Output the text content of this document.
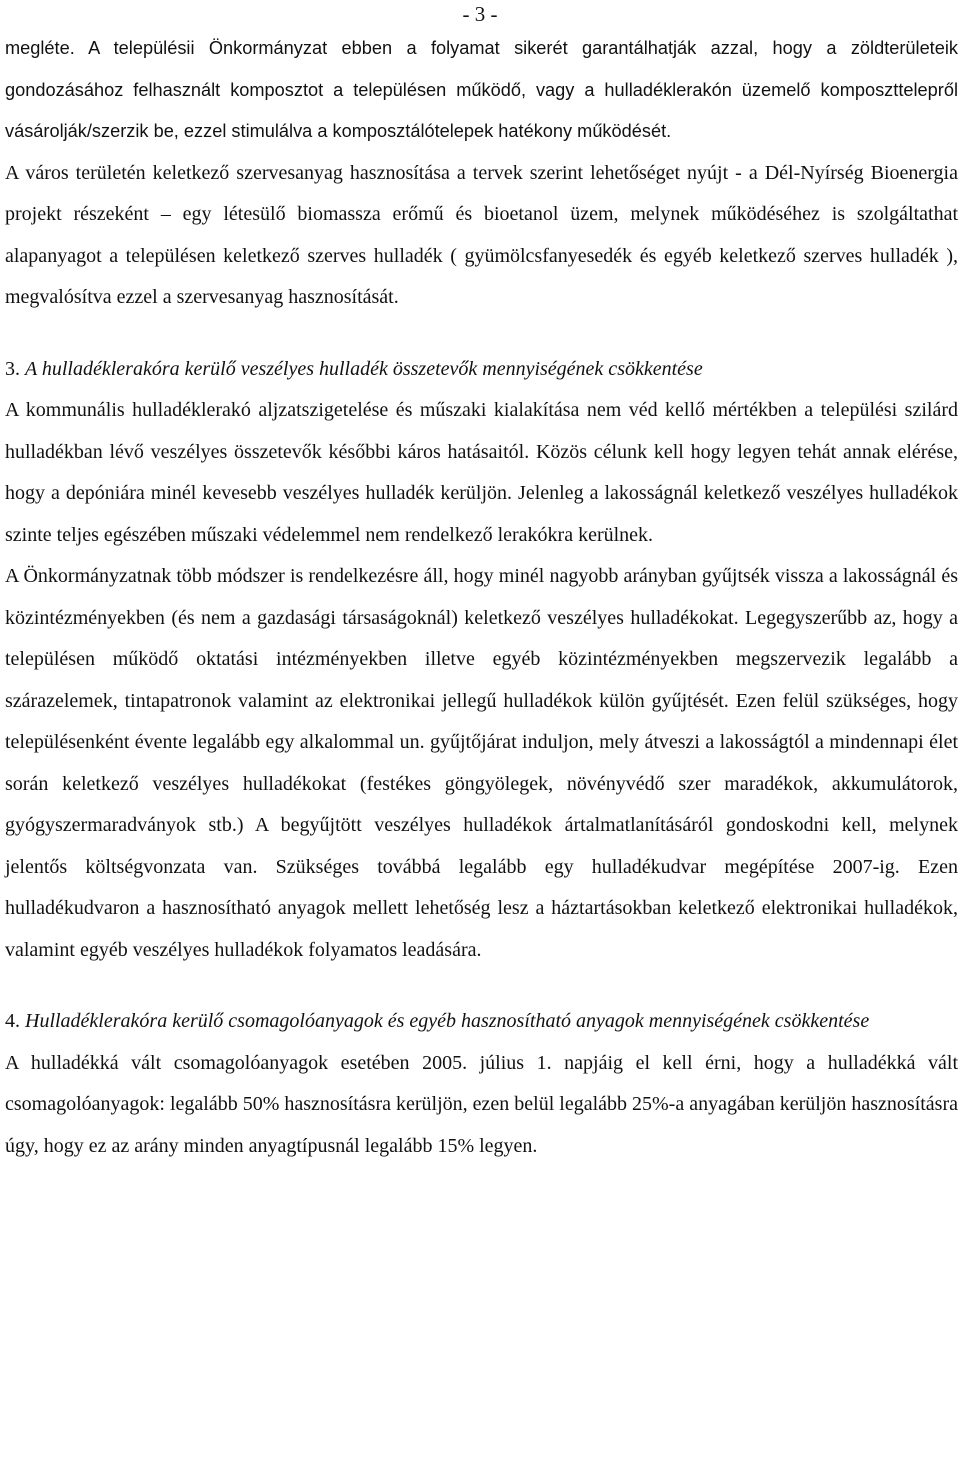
- 3 -

megléte. A településii Önkormányzat ebben a folyamat sikerét garantálhatják azzal, hogy a zöldterületeik gondozásához felhasznált komposztot a településen működő, vagy a hulladéklerakón üzemelő komposzttelepről vásárolják/szerzik be, ezzel stimulálva a komposztálótelepek hatékony működését.

A város területén keletkező szervesanyag hasznosítása a tervek szerint lehetőséget nyújt - a Dél-Nyírség Bioenergia projekt részeként – egy létesülő biomassza erőmű és bioetanol üzem, melynek működéséhez is szolgáltathat alapanyagot a településen keletkező szerves hulladék ( gyümölcsfanyesedék és egyéb keletkező szerves hulladék ), megvalósítva ezzel a szervesanyag hasznosítását.

3. A hulladéklerakóra kerülő veszélyes hulladék összetevők mennyiségének csökkentése

A kommunális hulladéklerakó aljzatszigetelése és műszaki kialakítása nem véd kellő mértékben a települési szilárd hulladékban lévő veszélyes összetevők későbbi káros hatásaitól. Közös célunk kell hogy legyen tehát annak elérése, hogy a depóniára minél kevesebb veszélyes hulladék kerüljön. Jelenleg a lakosságnál keletkező veszélyes hulladékok szinte teljes egészében műszaki védelemmel nem rendelkező lerakókra kerülnek.

A Önkormányzatnak több módszer is rendelkezésre áll, hogy minél nagyobb arányban gyűjtsék vissza a lakosságnál és közintézményekben (és nem a gazdasági társaságoknál) keletkező veszélyes hulladékokat. Legegyszerűbb az, hogy a településen működő oktatási intézményekben illetve egyéb közintézményekben megszervezik legalább a szárazelemek, tintapatronok valamint az elektronikai jellegű hulladékok külön gyűjtését. Ezen felül szükséges, hogy településenként évente legalább egy alkalommal un. gyűjtőjárat induljon, mely átveszi a lakosságtól a mindennapi élet során keletkező veszélyes hulladékokat (festékes göngyölegek, növényvédő szer maradékok, akkumulátorok, gyógyszermaradványok stb.) A begyűjtött veszélyes hulladékok ártalmatlanításáról gondoskodni kell, melynek jelentős költségvonzata van. Szükséges továbbá legalább egy hulladékudvar megépítése 2007-ig. Ezen hulladékudvaron a hasznosítható anyagok mellett lehetőség lesz a háztartásokban keletkező elektronikai hulladékok, valamint egyéb veszélyes hulladékok folyamatos leadására.

4. Hulladéklerakóra kerülő csomagolóanyagok és egyéb hasznosítható anyagok mennyiségének csökkentése

A hulladékká vált csomagolóanyagok esetében 2005. július 1. napjáig el kell érni, hogy a hulladékká vált csomagolóanyagok: legalább 50% hasznosításra kerüljön, ezen belül legalább 25%-a anyagában kerüljön hasznosításra úgy, hogy ez az arány minden anyagtípusnál legalább 15% legyen.
